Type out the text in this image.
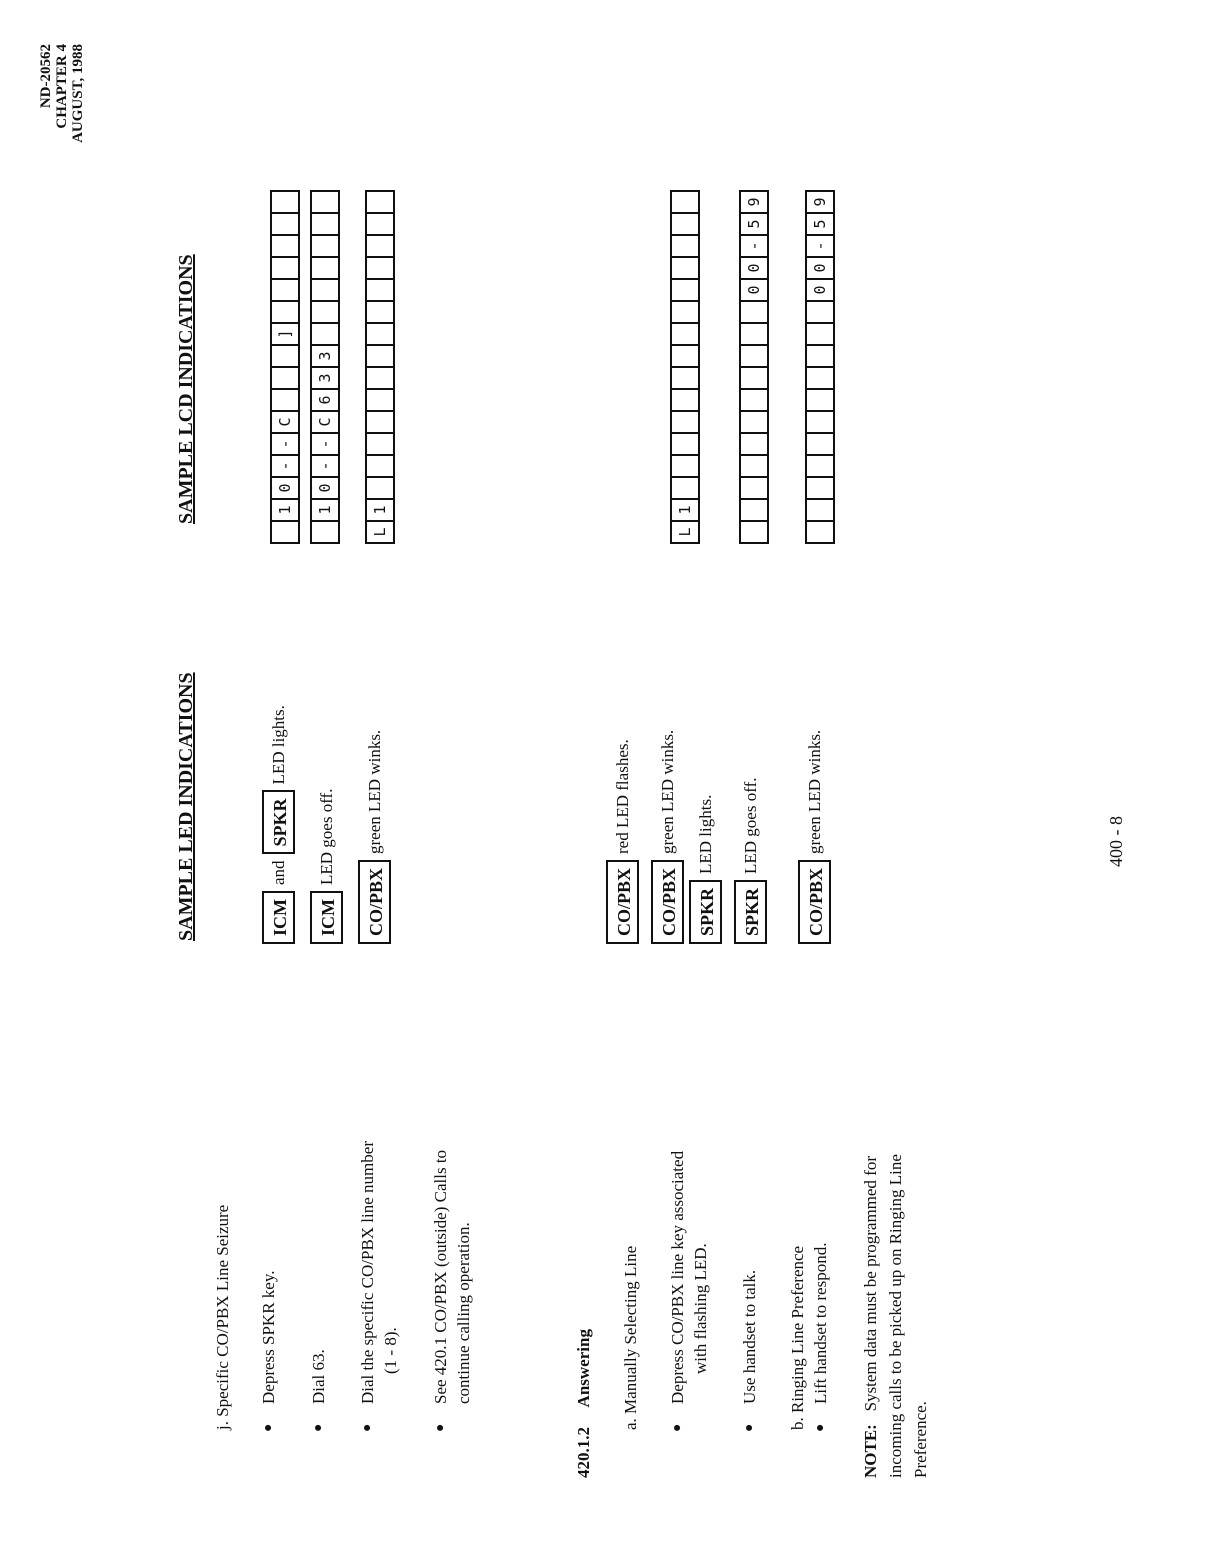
ND-20562 CHAPTER 4 AUGUST, 1988
j. Specific CO/PBX Line Seizure ● Depress SPKR key. ● Dial 63. ● Dial the specific CO/PBX line number (1 - 8). ● See 420.1 CO/PBX (outside) Calls to continue calling operation.
420.1.2  Answering a. Manually Selecting Line ● Depress CO/PBX line key associated with flashing LED. ● Use handset to talk. b. Ringing Line Preference ● Lift handset to respond.
NOTE:   System data must be programmed for incoming calls to be picked up on Ringing Line Preference.
SAMPLE LED INDICATIONS	ICM
and
SPKR
LED lights.
ICM
LED goes off.
CO/PBX
green LED winks.
CO/PBX
red LED flashes.
CO/PBX
green LED winks.
SPKR
LED lights.
SPKR
LED goes off.
CO/PBX
green LED winks.
SAMPLE LCD INDICATIONS	1
0
-
-
C
]
1
0
-
-
C
6
3
3
L
1
L
1
0
0
-
5
9
0
0
-
5
9
400 - 8
